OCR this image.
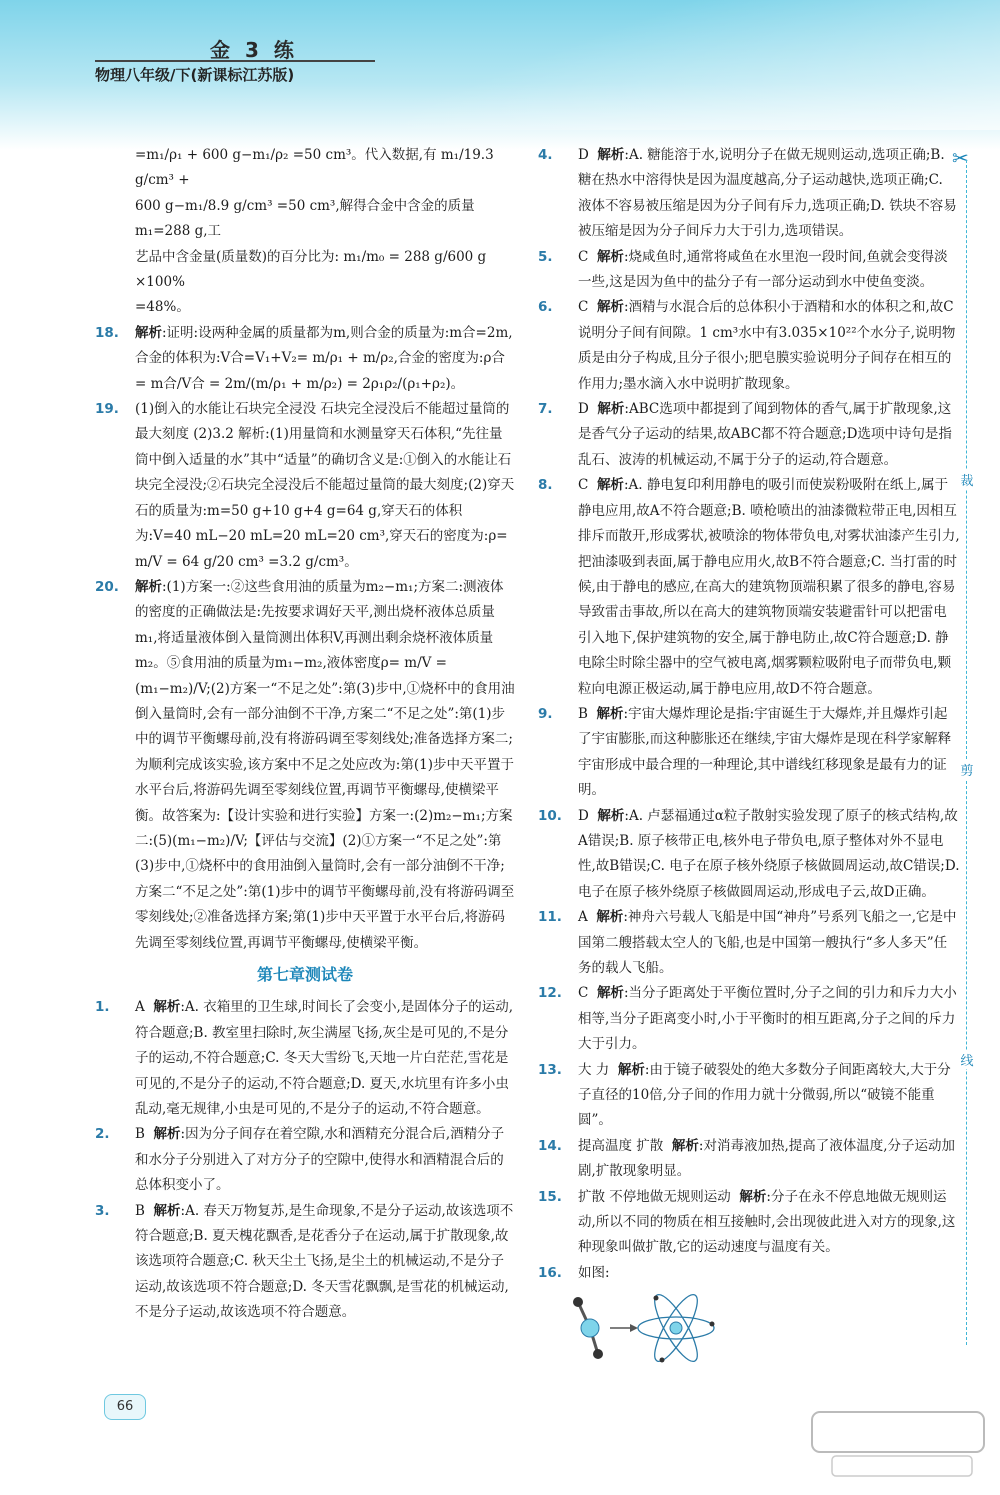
金 3 练
物理八年级/下(新课标江苏版)
=m₁/ρ₁ + 600 g−m₁/ρ₂ =50 cm³。代入数据,有 m₁/19.3 g/cm³ +
600 g−m₁/8.9 g/cm³ =50 cm³,解得合金中含金的质量 m₁=288 g,工
艺品中含金量(质量数)的百分比为: m₁/m₀ = 288 g/600 g ×100%
=48%。
18. 解析:证明:设两种金属的质量都为m,则合金的质量为:m合=2m,合金的体积为:V合=V₁+V₂= m/ρ₁ + m/ρ₂,合金的密度为:ρ合= m合/V合 = 2m/(m/ρ₁ + m/ρ₂) = 2ρ₁ρ₂/(ρ₁+ρ₂)。
19. (1)倒入的水能让石块完全浸没 石块完全浸没后不能超过量筒的最大刻度 (2)3.2 解析:(1)用量筒和水测量穿天石体积,“先往量筒中倒入适量的水”其中“适量”的确切含义是:①倒入的水能让石块完全浸没;②石块完全浸没后不能超过量筒的最大刻度;(2)穿天石的质量为:m=50 g+10 g+4 g=64 g,穿天石的体积为:V=40 mL−20 mL=20 mL=20 cm³,穿天石的密度为:ρ= m/V = 64 g/20 cm³ =3.2 g/cm³。
20. 解析:(1)方案一:②这些食用油的质量为m₂−m₁;方案二:测液体的密度的正确做法是:先按要求调好天平,测出烧杯液体总质量m₁,将适量液体倒入量筒测出体积V,再测出剩余烧杯液体质量m₂。⑤食用油的质量为m₁−m₂,液体密度ρ= m/V = (m₁−m₂)/V;(2)方案一“不足之处”:第(3)步中,①烧杯中的食用油倒入量筒时,会有一部分油倒不干净,方案二“不足之处”:第(1)步中的调节平衡螺母前,没有将游码调至零刻线处;准备选择方案二;为顺利完成该实验,该方案中不足之处应改为:第(1)步中天平置于水平台后,将游码先调至零刻线位置,再调节平衡螺母,使横梁平衡。故答案为:【设计实验和进行实验】方案一:(2)m₂−m₁;方案二:(5)(m₁−m₂)/V;【评估与交流】(2)①方案一“不足之处”:第(3)步中,①烧杯中的食用油倒入量筒时,会有一部分油倒不干净;方案二“不足之处”:第(1)步中的调节平衡螺母前,没有将游码调至零刻线处;②准备选择方案;第(1)步中天平置于水平台后,将游码先调至零刻线位置,再调节平衡螺母,使横梁平衡。
第七章测试卷
1. A 解析:A. 衣箱里的卫生球,时间长了会变小,是固体分子的运动,符合题意;B. 教室里扫除时,灰尘满屋飞扬,灰尘是可见的,不是分子的运动,不符合题意;C. 冬天大雪纷飞,天地一片白茫茫,雪花是可见的,不是分子的运动,不符合题意;D. 夏天,水坑里有许多小虫乱动,毫无规律,小虫是可见的,不是分子的运动,不符合题意。
2. B 解析:因为分子间存在着空隙,水和酒精充分混合后,酒精分子和水分子分别进入了对方分子的空隙中,使得水和酒精混合后的总体积变小了。
3. B 解析:A. 春天万物复苏,是生命现象,不是分子运动,故该选项不符合题意;B. 夏天槐花飘香,是花香分子在运动,属于扩散现象,故该选项符合题意;C. 秋天尘土飞扬,是尘土的机械运动,不是分子运动,故该选项不符合题意;D. 冬天雪花飘飘,是雪花的机械运动,不是分子运动,故该选项不符合题意。
4. D 解析:A. 糖能溶于水,说明分子在做无规则运动,选项正确;B. 糖在热水中溶得快是因为温度越高,分子运动越快,选项正确;C. 液体不容易被压缩是因为分子间有斥力,选项正确;D. 铁块不容易被压缩是因为分子间斥力大于引力,选项错误。
5. C 解析:烧咸鱼时,通常将咸鱼在水里泡一段时间,鱼就会变得淡一些,这是因为鱼中的盐分子有一部分运动到水中使鱼变淡。
6. C 解析:酒精与水混合后的总体积小于酒精和水的体积之和,故C说明分子间有间隙。1 cm³水中有3.035×10²²个水分子,说明物质是由分子构成,且分子很小;肥皂膜实验说明分子间存在相互的作用力;墨水滴入水中说明扩散现象。
7. D 解析:ABC选项中都提到了闻到物体的香气,属于扩散现象,这是香气分子运动的结果,故ABC都不符合题意;D选项中诗句是指乱石、波涛的机械运动,不属于分子的运动,符合题意。
8. C 解析:A. 静电复印利用静电的吸引而使炭粉吸附在纸上,属于静电应用,故A不符合题意;B. 喷枪喷出的油漆微粒带正电,因相互排斥而散开,形成雾状,被喷涂的物体带负电,对雾状油漆产生引力,把油漆吸到表面,属于静电应用火,故B不符合题意;C. 当打雷的时候,由于静电的感应,在高大的建筑物顶端积累了很多的静电,容易导致雷击事故,所以在高大的建筑物顶端安装避雷针可以把雷电引入地下,保护建筑物的安全,属于静电防止,故C符合题意;D. 静电除尘时除尘器中的空气被电离,烟雾颗粒吸附电子而带负电,颗粒向电源正极运动,属于静电应用,故D不符合题意。
9. B 解析:宇宙大爆炸理论是指:宇宙诞生于大爆炸,并且爆炸引起了宇宙膨胀,而这种膨胀还在继续,宇宙大爆炸是现在科学家解释宇宙形成中最合理的一种理论,其中谱线红移现象是最有力的证明。
10. D 解析:A. 卢瑟福通过α粒子散射实验发现了原子的核式结构,故A错误;B. 原子核带正电,核外电子带负电,原子整体对外不显电性,故B错误;C. 电子在原子核外绕原子核做圆周运动,故C错误;D. 电子在原子核外绕原子核做圆周运动,形成电子云,故D正确。
11. A 解析:神舟六号载人飞船是中国“神舟”号系列飞船之一,它是中国第二艘搭载太空人的飞船,也是中国第一艘执行“多人多天”任务的载人飞船。
12. C 解析:当分子距离处于平衡位置时,分子之间的引力和斥力大小相等,当分子距离变小时,小于平衡时的相互距离,分子之间的斥力大于引力。
13. 大 力 解析:由于镜子破裂处的绝大多数分子间距离较大,大于分子直径的10倍,分子间的作用力就十分微弱,所以“破镜不能重圆”。
14. 提高温度 扩散 解析:对消毒液加热,提高了液体温度,分子运动加剧,扩散现象明显。
15. 扩散 不停地做无规则运动 解析:分子在永不停息地做无规则运动,所以不同的物质在相互接触时,会出现彼此进入对方的现象,这种现象叫做扩散,它的运动速度与温度有关。
16. 如图:
✂
裁
剪
线
66
